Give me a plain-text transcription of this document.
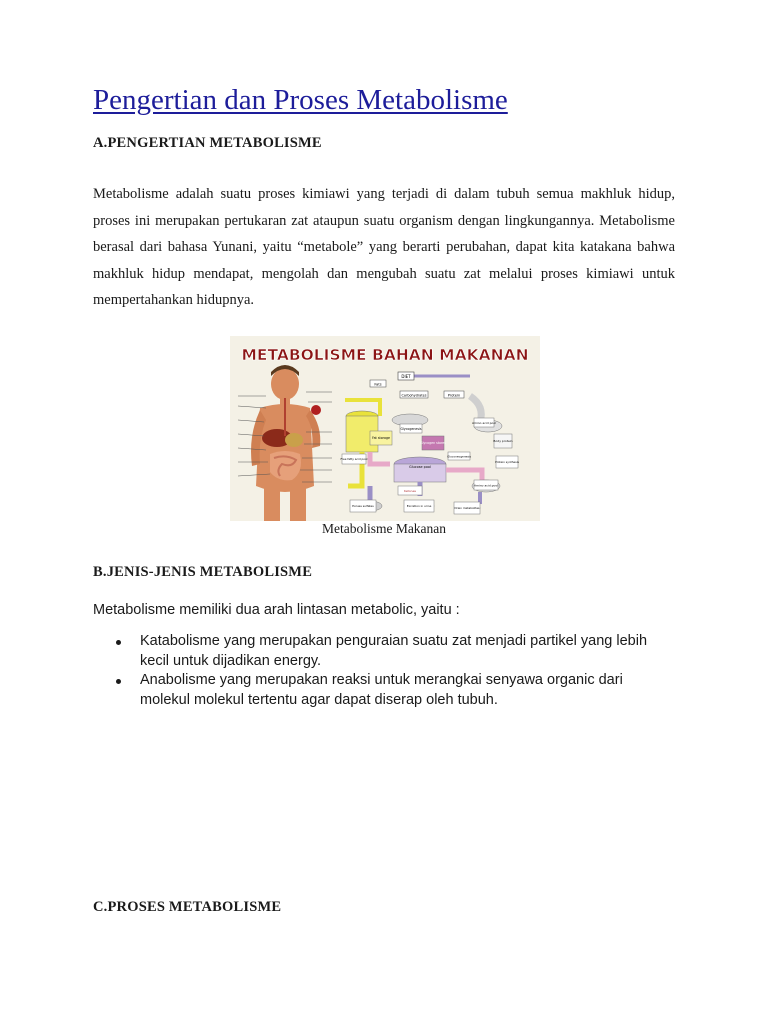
Pengertian dan Proses Metabolisme
A.PENGERTIAN METABOLISME

Metabolisme adalah suatu proses kimiawi yang terjadi di dalam tubuh semua makhluk hidup, proses ini merupakan pertukaran zat ataupun suatu organism dengan lingkungannya. Metabolisme berasal dari bahasa Yunani, yaitu “metabole” yang berarti perubahan, dapat kita katakana bahwa makhluk hidup mendapat, mengolah dan mengubah suatu zat melalui proses kimiawi untuk mempertahankan hidupnya.

METABOLISME BAHAN MAKANAN
DIET
Fats
Carbohydrates	Protein
Fat storage
Glycogenesis
Glycogen stores
Amino acid pool
Body protein
Free fatty acid pool
Glucose pool
Gluconeogenesis
Amino acid pool
Protein synthesis
Ketones
Excess sulfates	Excretion in urine	Drain metabolites

Metabolisme Makanan

B.JENIS-JENIS METABOLISME

Metabolisme memiliki dua arah lintasan metabolic, yaitu :

Katabolisme yang merupakan penguraian suatu zat menjadi partikel yang lebih kecil untuk dijadikan energy.
Anabolisme yang merupakan reaksi untuk merangkai senyawa organic dari molekul molekul tertentu agar dapat diserap oleh tubuh.
C.PROSES METABOLISME
